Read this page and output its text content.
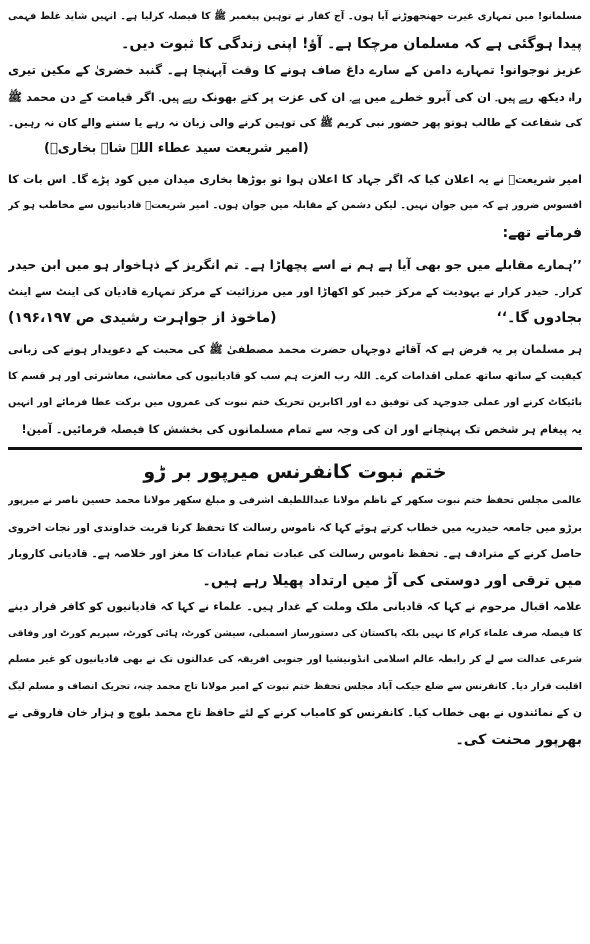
مسلمانو! میں تمہاری غیرت جھنجھوڑنے آیا ہوں۔ آج کفار نے توہین پیغمبر ﷺ کا فیصلہ کرلیا ہے۔ انہیں شاید غلط فہمی
پیدا ہوگئی ہے کہ مسلمان مرچکا ہے۔ آؤ! اپنی زندگی کا ثبوت دیں۔
عزیز نوجوانو! تمہارے دامن کے سارے داغ صاف ہونے کا وقت آپہنچا ہے۔ گنبد خضریٰ کے مکین تیری
راہ دیکھ رہے ہیں۔ ان کی آبرو خطرے میں ہے۔ ان کی عزت پر کتے بھونک رہے ہیں۔ اگر قیامت کے دن محمد ﷺ
کی شفاعت کے طالب ہوتو پھر حضور نبی کریم ﷺ کی توہین کرنے والی زبان نہ رہے یا سننے والے کان نہ رہیں۔
(امیر شریعت سید عطاء اللہ شاہ بخاریؒ)
امیر شریعتؒ نے یہ اعلان کیا کہ اگر جہاد کا اعلان ہوا تو بوڑھا بخاری میدان میں کود پڑے گا۔ اس بات کا
افسوس ضرور ہے کہ میں جوان نہیں۔ لیکن دشمن کے مقابلہ میں جوان ہوں۔ امیر شریعتؒ قادیانیوں سے مخاطب ہو کر
فرماتے تھے:
’’ہمارے مقابلے میں جو بھی آیا ہے ہم نے اسے پچھاڑا ہے۔ تم انگریز کے ذہاخوار ہو میں ابن حیدر
کرار۔ حیدر کرار نے یہودیت کے مرکز خیبر کو اکھاڑا اور میں مرزائیت کے مرکز تمہارے قادیان کی اینٹ سے اینٹ
بجادوں گا۔‘‘
(ماخوذ از جواہرت رشیدی ص ۱۹۶،۱۹۷)
ہر مسلمان پر یہ فرض ہے کہ آقائے دوجہاں حضرت محمد مصطفیٰ ﷺ کی محبت کے دعویدار ہونے کی زبانی
کیفیت کے ساتھ ساتھ عملی اقدامات کرے۔ اللہ رب العزت ہم سب کو قادیانیوں کی معاشی، معاشرتی اور ہر قسم کا
بائیکاٹ کرنے اور عملی جدوجہد کی توفیق دے اور اکابرین تحریک ختم نبوت کی عمروں میں برکت عطا فرمائے اور انہیں
یہ پیغام ہر شخص تک پہنچانے اور ان کی وجہ سے تمام مسلمانوں کی بخشش کا فیصلہ فرمائیں۔ آمین!
ختم نبوت کانفرنس میرپور بر ڑو
عالمی مجلس تحفظ ختم نبوت سکھر کے ناظم مولانا عبداللطیف اشرفی و مبلغ سکھر مولانا محمد حسین ناصر نے میرپور
برڑو میں جامعہ حیدریہ میں خطاب کرتے ہوئے کہا کہ ناموس رسالت کا تحفظ کرنا قربت خداوندی اور نجات اخروی
حاصل کرنے کے مترادف ہے۔ تحفظ ناموس رسالت کی عبادت تمام عبادات کا مغز اور خلاصہ ہے۔ قادیانی کاروبار
میں ترقی اور دوستی کی آڑ میں ارتداد پھیلا رہے ہیں۔
علامہ اقبال مرحوم نے کہا کہ قادیانی ملک وملت کے غدار ہیں۔ علماء نے کہا کہ قادیانیوں کو کافر قرار دینے
کا فیصلہ صرف علماء کرام کا نہیں بلکہ پاکستان کی دستورساز اسمبلی، سیشن کورٹ، ہائی کورٹ، سپریم کورٹ اور وفاقی
شرعی عدالت سے لے کر رابطہ عالم اسلامی انڈونیشیا اور جنوبی افریقہ کی عدالتوں تک نے بھی قادیانیوں کو غیر مسلم
اقلیت قرار دیا۔ کانفرنس سے ضلع جیکب آباد مجلس تحفظ ختم نبوت کے امیر مولانا تاج محمد چنہ، تحریک انصاف و مسلم لیگ
ن کے نمائندوں نے بھی خطاب کیا۔ کانفرنس کو کامیاب کرنے کے لئے حافظ تاج محمد بلوچ و ہزار خان فاروقی نے
بھرپور محنت کی۔
